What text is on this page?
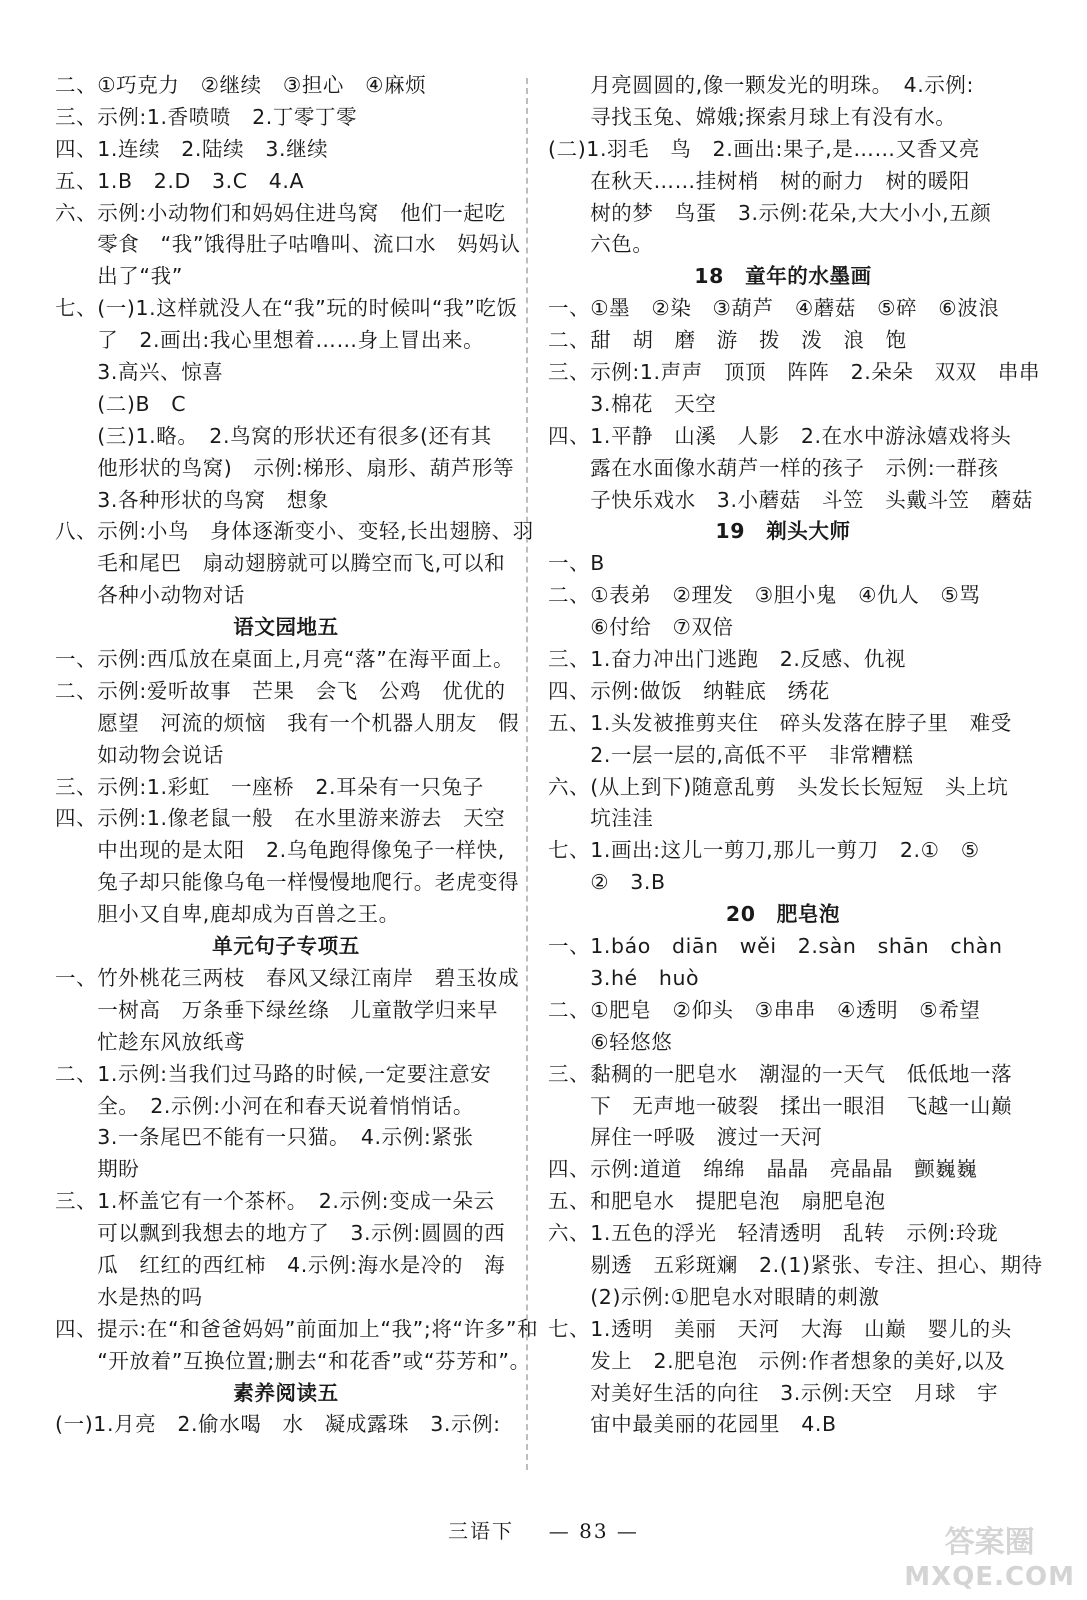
二、①巧克力　②继续　③担心　④麻烦
三、示例:1.香喷喷　2.丁零丁零
四、1.连续　2.陆续　3.继续
五、1.B　2.D　3.C　4.A
六、示例:小动物们和妈妈住进鸟窝　他们一起吃
　　零食　“我”饿得肚子咕噜叫、流口水　妈妈认
　　出了“我”
七、(一)1.这样就没人在“我”玩的时候叫“我”吃饭
　　了　2.画出:我心里想着……身上冒出来。
　　3.高兴、惊喜
　　(二)B　C
　　(三)1.略。　2.鸟窝的形状还有很多(还有其
　　他形状的鸟窝)　示例:梯形、扇形、葫芦形等
　　3.各种形状的鸟窝　想象
八、示例:小鸟　身体逐渐变小、变轻,长出翅膀、羽
　　毛和尾巴　扇动翅膀就可以腾空而飞,可以和
　　各种小动物对话
语文园地五
一、示例:西瓜放在桌面上,月亮“落”在海平面上。
二、示例:爱听故事　芒果　会飞　公鸡　优优的
　　愿望　河流的烦恼　我有一个机器人朋友　假
　　如动物会说话
三、示例:1.彩虹　一座桥　2.耳朵有一只兔子
四、示例:1.像老鼠一般　在水里游来游去　天空
　　中出现的是太阳　2.乌龟跑得像兔子一样快,
　　兔子却只能像乌龟一样慢慢地爬行。老虎变得
　　胆小又自卑,鹿却成为百兽之王。
单元句子专项五
一、竹外桃花三两枝　春风又绿江南岸　碧玉妆成
　　一树高　万条垂下绿丝绦　儿童散学归来早
　　忙趁东风放纸鸢
二、1.示例:当我们过马路的时候,一定要注意安
　　全。　2.示例:小河在和春天说着悄悄话。
　　3.一条尾巴不能有一只猫。　4.示例:紧张
　　期盼
三、1.杯盖它有一个茶杯。　2.示例:变成一朵云
　　可以飘到我想去的地方了　3.示例:圆圆的西
　　瓜　红红的西红柿　4.示例:海水是冷的　海
　　水是热的吗
四、提示:在“和爸爸妈妈”前面加上“我”;将“许多”和
　　“开放着”互换位置;删去“和花香”或“芬芳和”。
素养阅读五
(一)1.月亮　2.偷水喝　水　凝成露珠　3.示例:
　　月亮圆圆的,像一颗发光的明珠。　4.示例:
　　寻找玉兔、嫦娥;探索月球上有没有水。
(二)1.羽毛　鸟　2.画出:果子,是……又香又亮
　　在秋天……挂树梢　树的耐力　树的暖阳
　　树的梦　鸟蛋　3.示例:花朵,大大小小,五颜
　　六色。
18　童年的水墨画
一、①墨　②染　③葫芦　④蘑菇　⑤碎　⑥波浪
二、甜　胡　磨　游　拨　泼　浪　饱
三、示例:1.声声　顶顶　阵阵　2.朵朵　双双　串串
　　3.棉花　天空
四、1.平静　山溪　人影　2.在水中游泳嬉戏将头
　　露在水面像水葫芦一样的孩子　示例:一群孩
　　子快乐戏水　3.小蘑菇　斗笠　头戴斗笠　蘑菇
19　剃头大师
一、B
二、①表弟　②理发　③胆小鬼　④仇人　⑤骂
　　⑥付给　⑦双倍
三、1.奋力冲出门逃跑　2.反感、仇视
四、示例:做饭　纳鞋底　绣花
五、1.头发被推剪夹住　碎头发落在脖子里　难受
　　2.一层一层的,高低不平　非常糟糕
六、(从上到下)随意乱剪　头发长长短短　头上坑
　　坑洼洼
七、1.画出:这儿一剪刀,那儿一剪刀　2.①　⑤
　　②　3.B
20　肥皂泡
一、1.báo　diān　wěi　2.sàn　shān　chàn
　　3.hé　huò
二、①肥皂　②仰头　③串串　④透明　⑤希望
　　⑥轻悠悠
三、黏稠的一肥皂水　潮湿的一天气　低低地一落
　　下　无声地一破裂　揉出一眼泪　飞越一山巅
　　屏住一呼吸　渡过一天河
四、示例:道道　绵绵　晶晶　亮晶晶　颤巍巍
五、和肥皂水　提肥皂泡　扇肥皂泡
六、1.五色的浮光　轻清透明　乱转　示例:玲珑
　　剔透　五彩斑斓　2.(1)紧张、专注、担心、期待
　　(2)示例:①肥皂水对眼睛的刺激
七、1.透明　美丽　天河　大海　山巅　婴儿的头
　　发上　2.肥皂泡　示例:作者想象的美好,以及
　　对美好生活的向往　3.示例:天空　月球　宇
　　宙中最美丽的花园里　4.B
三语下 — 83 —	答案圈
MXQE.COM
